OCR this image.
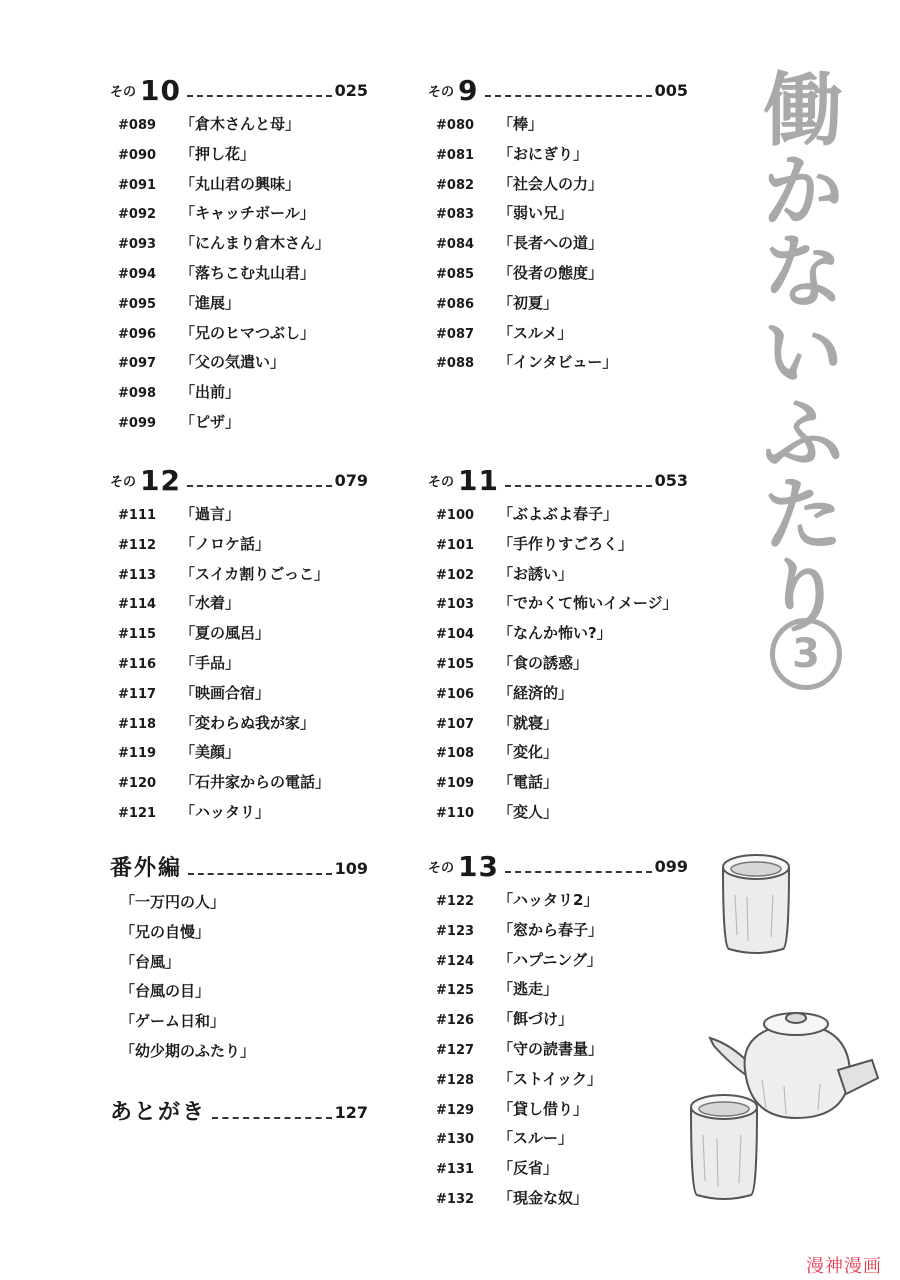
その 10	025
#089 「倉木さんと母」
#090 「押し花」
#091 「丸山君の興味」
#092 「キャッチボール」
#093 「にんまり倉木さん」
#094 「落ちこむ丸山君」
#095 「進展」
#096 「兄のヒマつぶし」
#097 「父の気遣い」
#098 「出前」
#099 「ピザ」
その 9	005
#080 「棒」
#081 「おにぎり」
#082 「社会人の力」
#083 「弱い兄」
#084 「長者への道」
#085 「役者の態度」
#086 「初夏」
#087 「スルメ」
#088 「インタビュー」
その 12	079
#111 「過言」
#112 「ノロケ話」
#113 「スイカ割りごっこ」
#114 「水着」
#115 「夏の風呂」
#116 「手品」
#117 「映画合宿」
#118 「変わらぬ我が家」
#119 「美顔」
#120 「石井家からの電話」
#121 「ハッタリ」
その 11	053
#100 「ぶよぶよ春子」
#101 「手作りすごろく」
#102 「お誘い」
#103 「でかくて怖いイメージ」
#104 「なんか怖い?」
#105 「食の誘惑」
#106 「経済的」
#107 「就寝」
#108 「変化」
#109 「電話」
#110 「変人」
番外編	109
「一万円の人」
「兄の自慢」
「台風」
「台風の目」
「ゲーム日和」
「幼少期のふたり」
あとがき	127
その 13	099
#122 「ハッタリ2」
#123 「窓から春子」
#124 「ハプニング」
#125 「逃走」
#126 「餌づけ」
#127 「守の読書量」
#128 「ストイック」
#129 「貸し借り」
#130 「スルー」
#131 「反省」
#132 「現金な奴」
働
か
な
い
ふ
た
り
3
漫神漫画
